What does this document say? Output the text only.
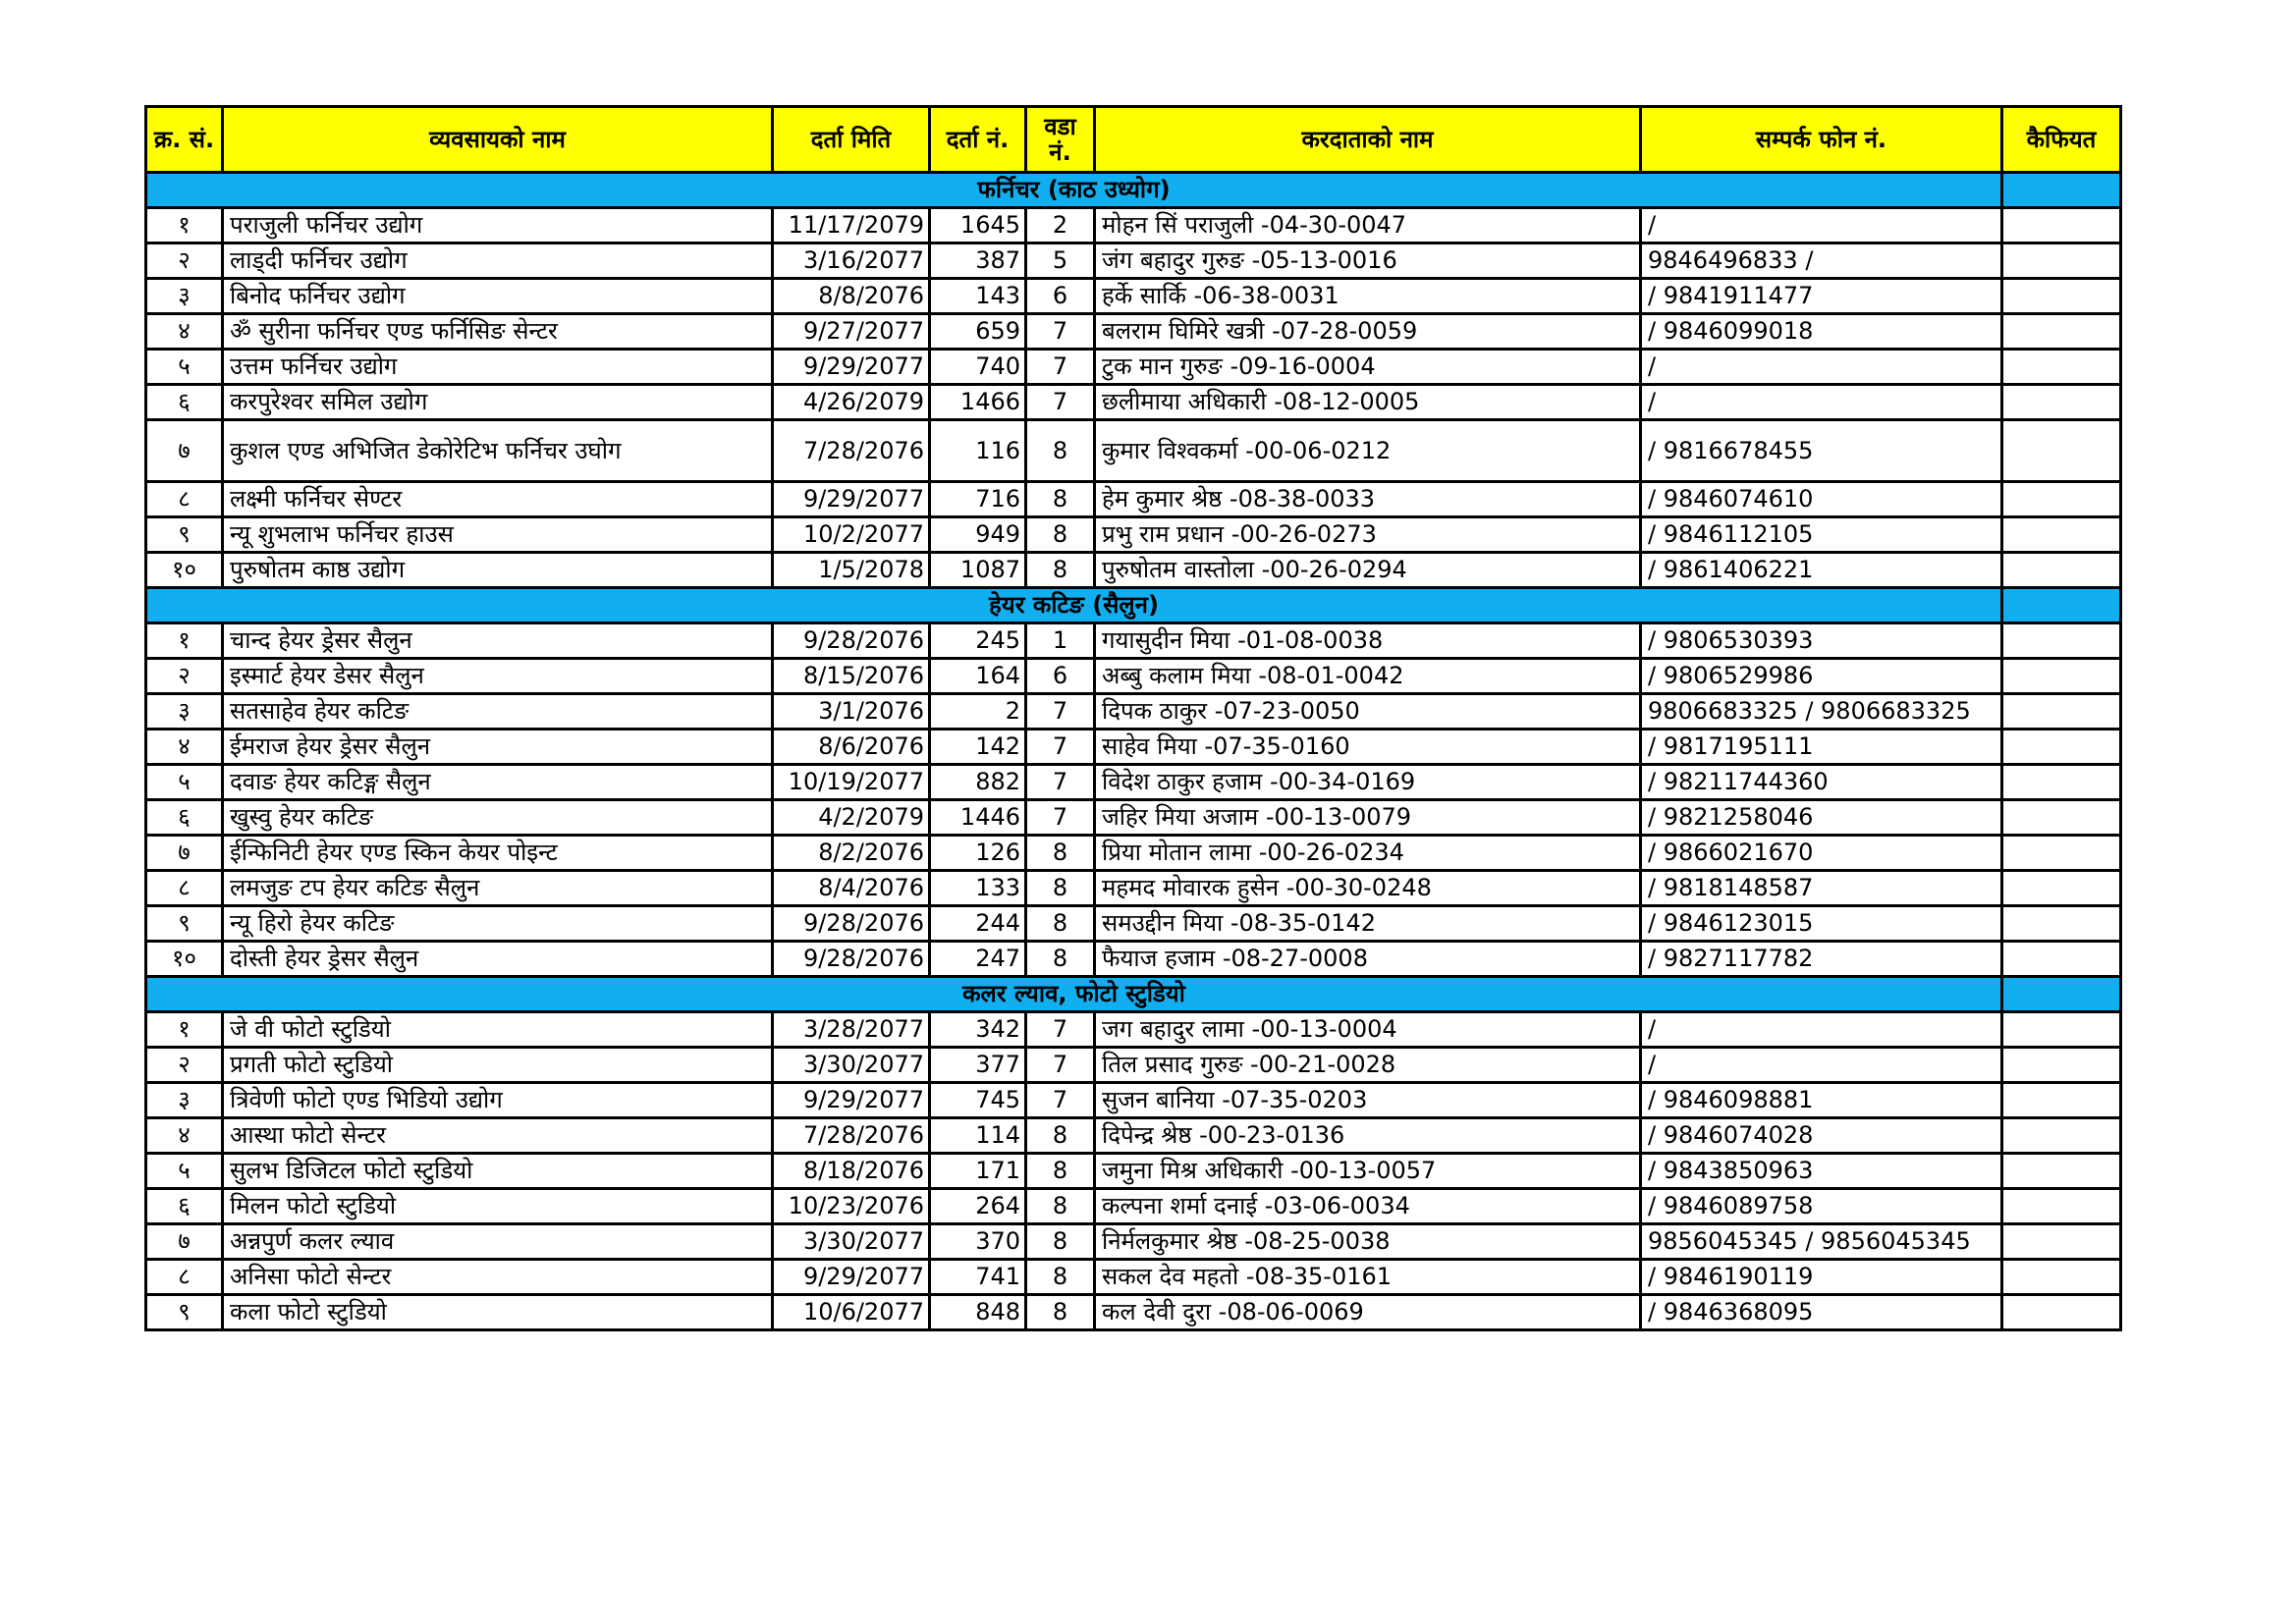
क्र. सं.	व्यवसायको नाम	दर्ता मिति	दर्ता नं.	वडा नं.	करदाताको नाम	सम्पर्क फोन नं.	कैफियत
फर्निचर (काठ उध्योग)							
१	पराजुली फर्निचर उद्योग	11/17/2079	1645	2	मोहन सिं पराजुली -04-30-0047	/	
२	लाड्दी फर्निचर उद्योग	3/16/2077	387	5	जंग बहादुर गुरुङ -05-13-0016	9846496833 /	
३	बिनोद फर्निचर उद्योग	8/8/2076	143	6	हर्के सार्कि -06-38-0031	/ 9841911477	
४	ॐ सुरीना फर्निचर एण्ड फर्निसिङ सेन्टर	9/27/2077	659	7	बलराम घिमिरे खत्री -07-28-0059	/ 9846099018	
५	उत्तम फर्निचर उद्योग	9/29/2077	740	7	टुक मान गुरुङ -09-16-0004	/	
६	करपुरेश्वर समिल उद्योग	4/26/2079	1466	7	छलीमाया अधिकारी -08-12-0005	/	
७	कुशल एण्ड अभिजित डेकोरेटिभ फर्निचर उघोग	7/28/2076	116	8	कुमार विश्वकर्मा -00-06-0212	/ 9816678455	
८	लक्ष्मी फर्निचर सेण्टर	9/29/2077	716	8	हेम कुमार श्रेष्ठ -08-38-0033	/ 9846074610	
९	न्यू शुभलाभ फर्निचर हाउस	10/2/2077	949	8	प्रभु राम प्रधान -00-26-0273	/ 9846112105	
१०	पुरुषोतम काष्ठ उद्योग	1/5/2078	1087	8	पुरुषोतम वास्तोला -00-26-0294	/ 9861406221	
हेयर कटिङ (सैलुन)							
१	चान्द हेयर ड्रेसर सैलुन	9/28/2076	245	1	गयासुदीन मिया -01-08-0038	/ 9806530393	
२	इस्मार्ट हेयर डेसर सैलुन	8/15/2076	164	6	अब्बु कलाम मिया -08-01-0042	/ 9806529986	
३	सतसाहेव हेयर कटिङ	3/1/2076	2	7	दिपक ठाकुर -07-23-0050	9806683325 / 9806683325	
४	ईमराज हेयर ड्रेसर सैलुन	8/6/2076	142	7	साहेव मिया -07-35-0160	/ 9817195111	
५	दवाङ हेयर कटिङ्ग सैलुन	10/19/2077	882	7	विदेश ठाकुर हजाम -00-34-0169	/ 98211744360	
६	खुस्वु हेयर कटिङ	4/2/2079	1446	7	जहिर मिया अजाम -00-13-0079	/ 9821258046	
७	ईन्फिनिटी हेयर एण्ड स्किन केयर पोइन्ट	8/2/2076	126	8	प्रिया मोतान लामा -00-26-0234	/ 9866021670	
८	लमजुङ टप हेयर कटिङ सैलुन	8/4/2076	133	8	महमद मोवारक हुसेन -00-30-0248	/ 9818148587	
९	न्यू हिरो हेयर कटिङ	9/28/2076	244	8	समउद्दीन मिया -08-35-0142	/ 9846123015	
१०	दोस्ती हेयर ड्रेसर सैलुन	9/28/2076	247	8	फैयाज हजाम -08-27-0008	/ 9827117782	
कलर ल्याव, फोटो स्टुडियो							
१	जे वी फोटो स्टुडियो	3/28/2077	342	7	जग बहादुर लामा -00-13-0004	/	
२	प्रगती फोटो स्टुडियो	3/30/2077	377	7	तिल प्रसाद गुरुङ -00-21-0028	/	
३	त्रिवेणी फोटो एण्ड भिडियो उद्योग	9/29/2077	745	7	सुजन बानिया -07-35-0203	/ 9846098881	
४	आस्था फोटो सेन्टर	7/28/2076	114	8	दिपेन्द्र श्रेष्ठ -00-23-0136	/ 9846074028	
५	सुलभ डिजिटल फोटो स्टुडियो	8/18/2076	171	8	जमुना मिश्र अधिकारी -00-13-0057	/ 9843850963	
६	मिलन फोटो स्टुडियो	10/23/2076	264	8	कल्पना शर्मा दनाई -03-06-0034	/ 9846089758	
७	अन्नपुर्ण कलर ल्याव	3/30/2077	370	8	निर्मलकुमार श्रेष्ठ -08-25-0038	9856045345 / 9856045345	
८	अनिसा फोटो सेन्टर	9/29/2077	741	8	सकल देव महतो -08-35-0161	/ 9846190119	
९	कला फोटो स्टुडियो	10/6/2077	848	8	कल देवी दुरा -08-06-0069	/ 9846368095	
